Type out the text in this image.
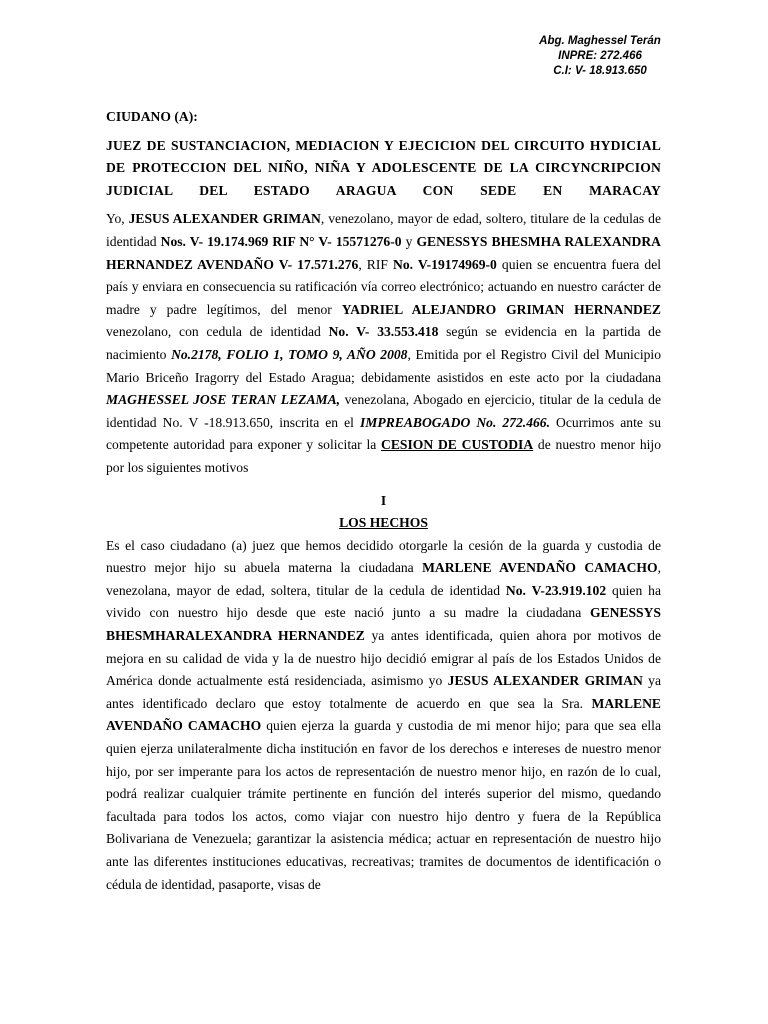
Abg. Maghessel Terán
INPRE: 272.466
C.I: V- 18.913.650

CIUDANO (A):

JUEZ DE SUSTANCIACION, MEDIACION Y EJECICION DEL CIRCUITO HYDICIAL DE PROTECCION DEL NIÑO, NIÑA Y ADOLESCENTE DE LA CIRCYNCRIPCION JUDICIAL DEL ESTADO ARAGUA CON SEDE EN MARACAY

Yo, JESUS ALEXANDER GRIMAN, venezolano, mayor de edad, soltero, titulare de la cedulas de identidad Nos. V- 19.174.969 RIF N° V- 15571276-0 y GENESSYS BHESMHA RALEXANDRA HERNANDEZ AVENDAÑO V- 17.571.276, RIF No. V-19174969-0 quien se encuentra fuera del país y enviara en consecuencia su ratificación vía correo electrónico; actuando en nuestro carácter de madre y padre legítimos, del menor YADRIEL ALEJANDRO GRIMAN HERNANDEZ venezolano, con cedula de identidad No. V- 33.553.418 según se evidencia en la partida de nacimiento No.2178, FOLIO 1, TOMO 9, AÑO 2008, Emitida por el Registro Civil del Municipio Mario Briceño Iragorry del Estado Aragua; debidamente asistidos en este acto por la ciudadana MAGHESSEL JOSE TERAN LEZAMA, venezolana, Abogado en ejercicio, titular de la cedula de identidad No. V -18.913.650, inscrita en el IMPREABOGADO No. 272.466. Ocurrimos ante su competente autoridad para exponer y solicitar la CESION DE CUSTODIA de nuestro menor hijo por los siguientes motivos

I

LOS HECHOS

Es el caso ciudadano (a) juez que hemos decidido otorgarle la cesión de la guarda y custodia de nuestro mejor hijo su abuela materna la ciudadana MARLENE AVENDAÑO CAMACHO, venezolana, mayor de edad, soltera, titular de la cedula de identidad No. V-23.919.102 quien ha vivido con nuestro hijo desde que este nació junto a su madre la ciudadana GENESSYS BHESMHARALEXANDRA HERNANDEZ ya antes identificada, quien ahora por motivos de mejora en su calidad de vida y la de nuestro hijo decidió emigrar al país de los Estados Unidos de América donde actualmente está residenciada, asimismo yo JESUS ALEXANDER GRIMAN ya antes identificado declaro que estoy totalmente de acuerdo en que sea la Sra. MARLENE AVENDAÑO CAMACHO quien ejerza la guarda y custodia de mi menor hijo; para que sea ella quien ejerza unilateralmente dicha institución en favor de los derechos e intereses de nuestro menor hijo, por ser imperante para los actos de representación de nuestro menor hijo, en razón de lo cual, podrá realizar cualquier trámite pertinente en función del interés superior del mismo, quedando facultada para todos los actos, como viajar con nuestro hijo dentro y fuera de la República Bolivariana de Venezuela; garantizar la asistencia médica; actuar en representación de nuestro hijo ante las diferentes instituciones educativas, recreativas; tramites de documentos de identificación o cédula de identidad, pasaporte, visas de
